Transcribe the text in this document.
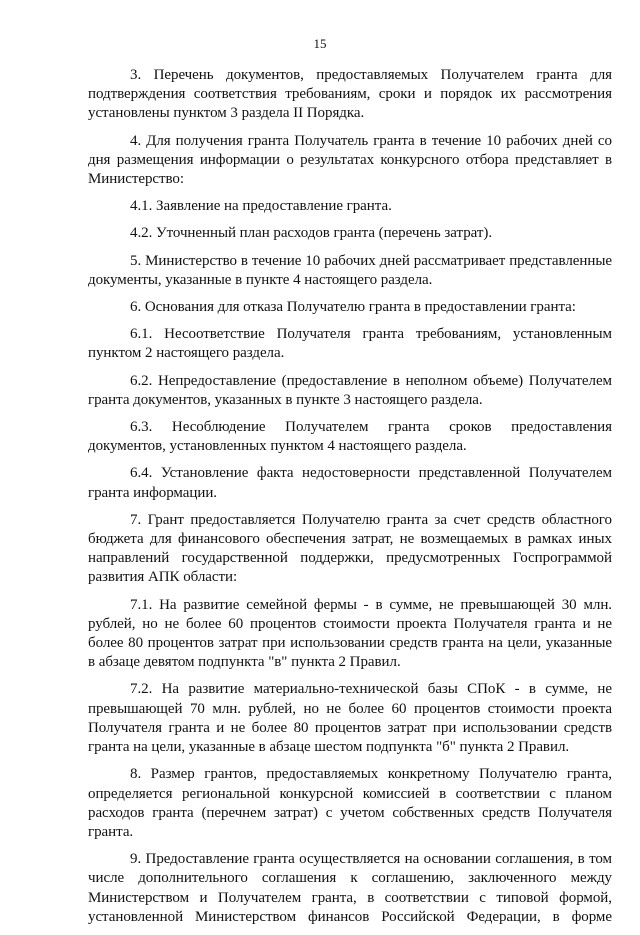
15

3. Перечень документов, предоставляемых Получателем гранта для подтверждения соответствия требованиям, сроки и порядок их рассмотрения установлены пунктом 3 раздела II Порядка.

4. Для получения гранта Получатель гранта в течение 10 рабочих дней со дня размещения информации о результатах конкурсного отбора представляет в Министерство:

4.1. Заявление на предоставление гранта.

4.2. Уточненный план расходов гранта (перечень затрат).

5. Министерство в течение 10 рабочих дней рассматривает представленные документы, указанные в пункте 4 настоящего раздела.

6. Основания для отказа Получателю гранта в предоставлении гранта:

6.1. Несоответствие Получателя гранта требованиям, установленным пунктом 2 настоящего раздела.

6.2. Непредоставление (предоставление в неполном объеме) Получателем гранта документов, указанных в пункте 3 настоящего раздела.

6.3. Несоблюдение Получателем гранта сроков предоставления документов, установленных пунктом 4 настоящего раздела.

6.4. Установление факта недостоверности представленной Получателем гранта информации.

7. Грант предоставляется Получателю гранта за счет средств областного бюджета для финансового обеспечения затрат, не возмещаемых в рамках иных направлений государственной поддержки, предусмотренных Госпрограммой развития АПК области:

7.1. На развитие семейной фермы - в сумме, не превышающей 30 млн. рублей, но не более 60 процентов стоимости проекта Получателя гранта и не более 80 процентов затрат при использовании средств гранта на цели, указанные в абзаце девятом подпункта "в" пункта 2 Правил.

7.2. На развитие материально-технической базы СПоК - в сумме, не превышающей 70 млн. рублей, но не более 60 процентов стоимости проекта Получателя гранта и не более 80 процентов затрат при использовании средств гранта на цели, указанные в абзаце шестом подпункта "б" пункта 2 Правил.

8. Размер грантов, предоставляемых конкретному Получателю гранта, определяется региональной конкурсной комиссией в соответствии с планом расходов гранта (перечнем затрат) с учетом собственных средств Получателя гранта.

9. Предоставление гранта осуществляется на основании соглашения, в том числе дополнительного соглашения к соглашению, заключенного между Министерством и Получателем гранта, в соответствии с типовой формой, установленной Министерством финансов Российской Федерации, в форме
